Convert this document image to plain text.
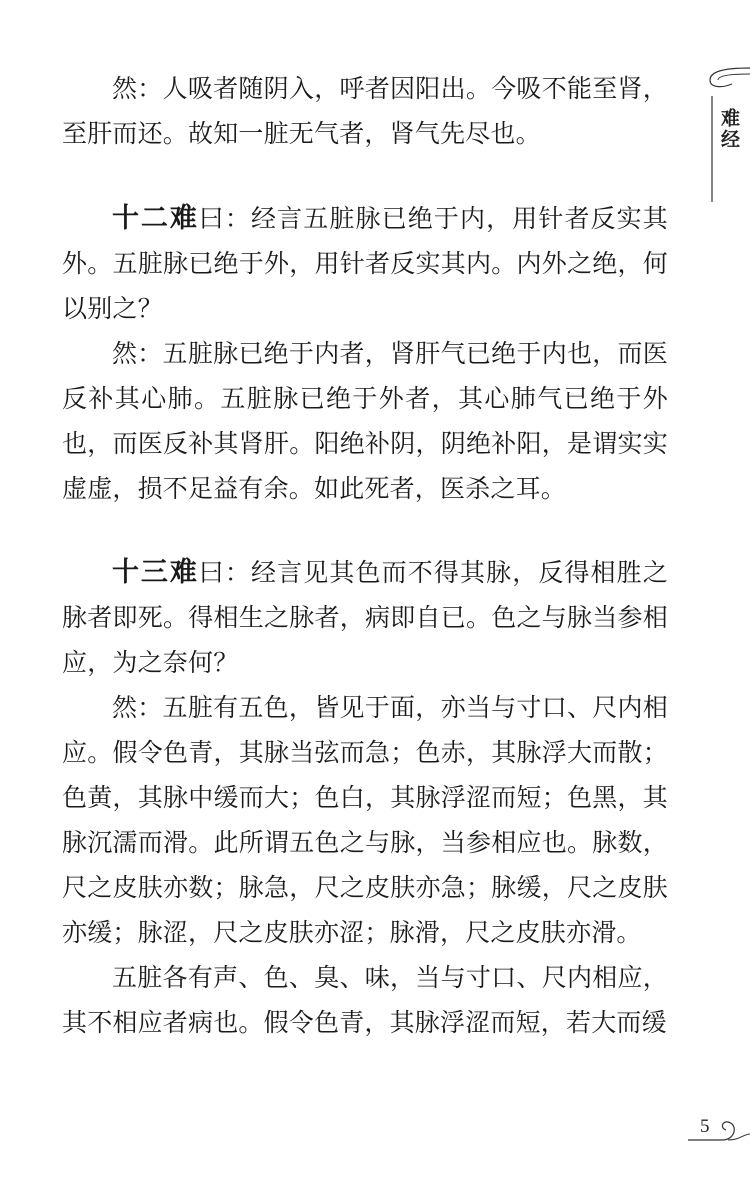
难经

然：人吸者随阴入，呼者因阳出。今吸不能至肾，至肝而还。故知一脏无气者，肾气先尽也。

十二难曰：经言五脏脉已绝于内，用针者反实其外。五脏脉已绝于外，用针者反实其内。内外之绝，何以别之？

然：五脏脉已绝于内者，肾肝气已绝于内也，而医反补其心肺。五脏脉已绝于外者，其心肺气已绝于外也，而医反补其肾肝。阳绝补阴，阴绝补阳，是谓实实虚虚，损不足益有余。如此死者，医杀之耳。

十三难曰：经言见其色而不得其脉，反得相胜之脉者即死。得相生之脉者，病即自已。色之与脉当参相应，为之奈何？

然：五脏有五色，皆见于面，亦当与寸口、尺内相应。假令色青，其脉当弦而急；色赤，其脉浮大而散；色黄，其脉中缓而大；色白，其脉浮涩而短；色黑，其脉沉濡而滑。此所谓五色之与脉，当参相应也。脉数，尺之皮肤亦数；脉急，尺之皮肤亦急；脉缓，尺之皮肤亦缓；脉涩，尺之皮肤亦涩；脉滑，尺之皮肤亦滑。

五脏各有声、色、臭、味，当与寸口、尺内相应，其不相应者病也。假令色青，其脉浮涩而短，若大而缓

5
